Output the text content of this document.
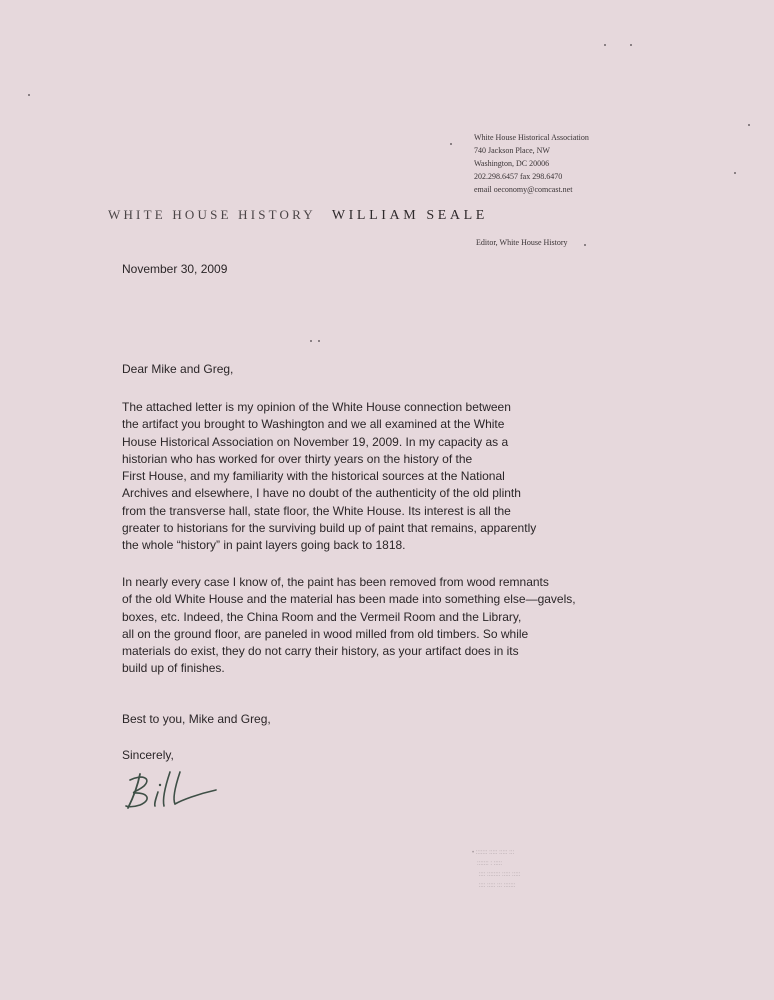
White House Historical Association
740 Jackson Place, NW
Washington, DC 20006
202.298.6457 fax 298.6470
email oeconomy@comcast.net
WHITE HOUSE HISTORY WILLIAM SEALE
Editor, White House History
November 30, 2009
Dear Mike and Greg,
The attached letter is my opinion of the White House connection between
the artifact you brought to Washington and we all examined at the White
House Historical Association on November 19, 2009. In my capacity as a
historian who has worked for over thirty years on the history of the
First House, and my familiarity with the historical sources at the National
Archives and elsewhere, I have no doubt of the authenticity of the old plinth
from the transverse hall, state floor, the White House. Its interest is all the
greater to historians for the surviving build up of paint that remains, apparently
the whole “history” in paint layers going back to 1818.
In nearly every case I know of, the paint has been removed from wood remnants
of the old White House and the material has been made into something else—gavels,
boxes, etc. Indeed, the China Room and the Vermeil Room and the Library,
all on the ground floor, are paneled in wood milled from old timbers. So while
materials do exist, they do not carry their history, as your artifact does in its
build up of finishes.
Best to you, Mike and Greg,
Sincerely,
• ::::::: ::::: ::::: :::
::::::: : :::::
:::: :::::::: ::::: :::::
:::: ::::: ::: :::::::
